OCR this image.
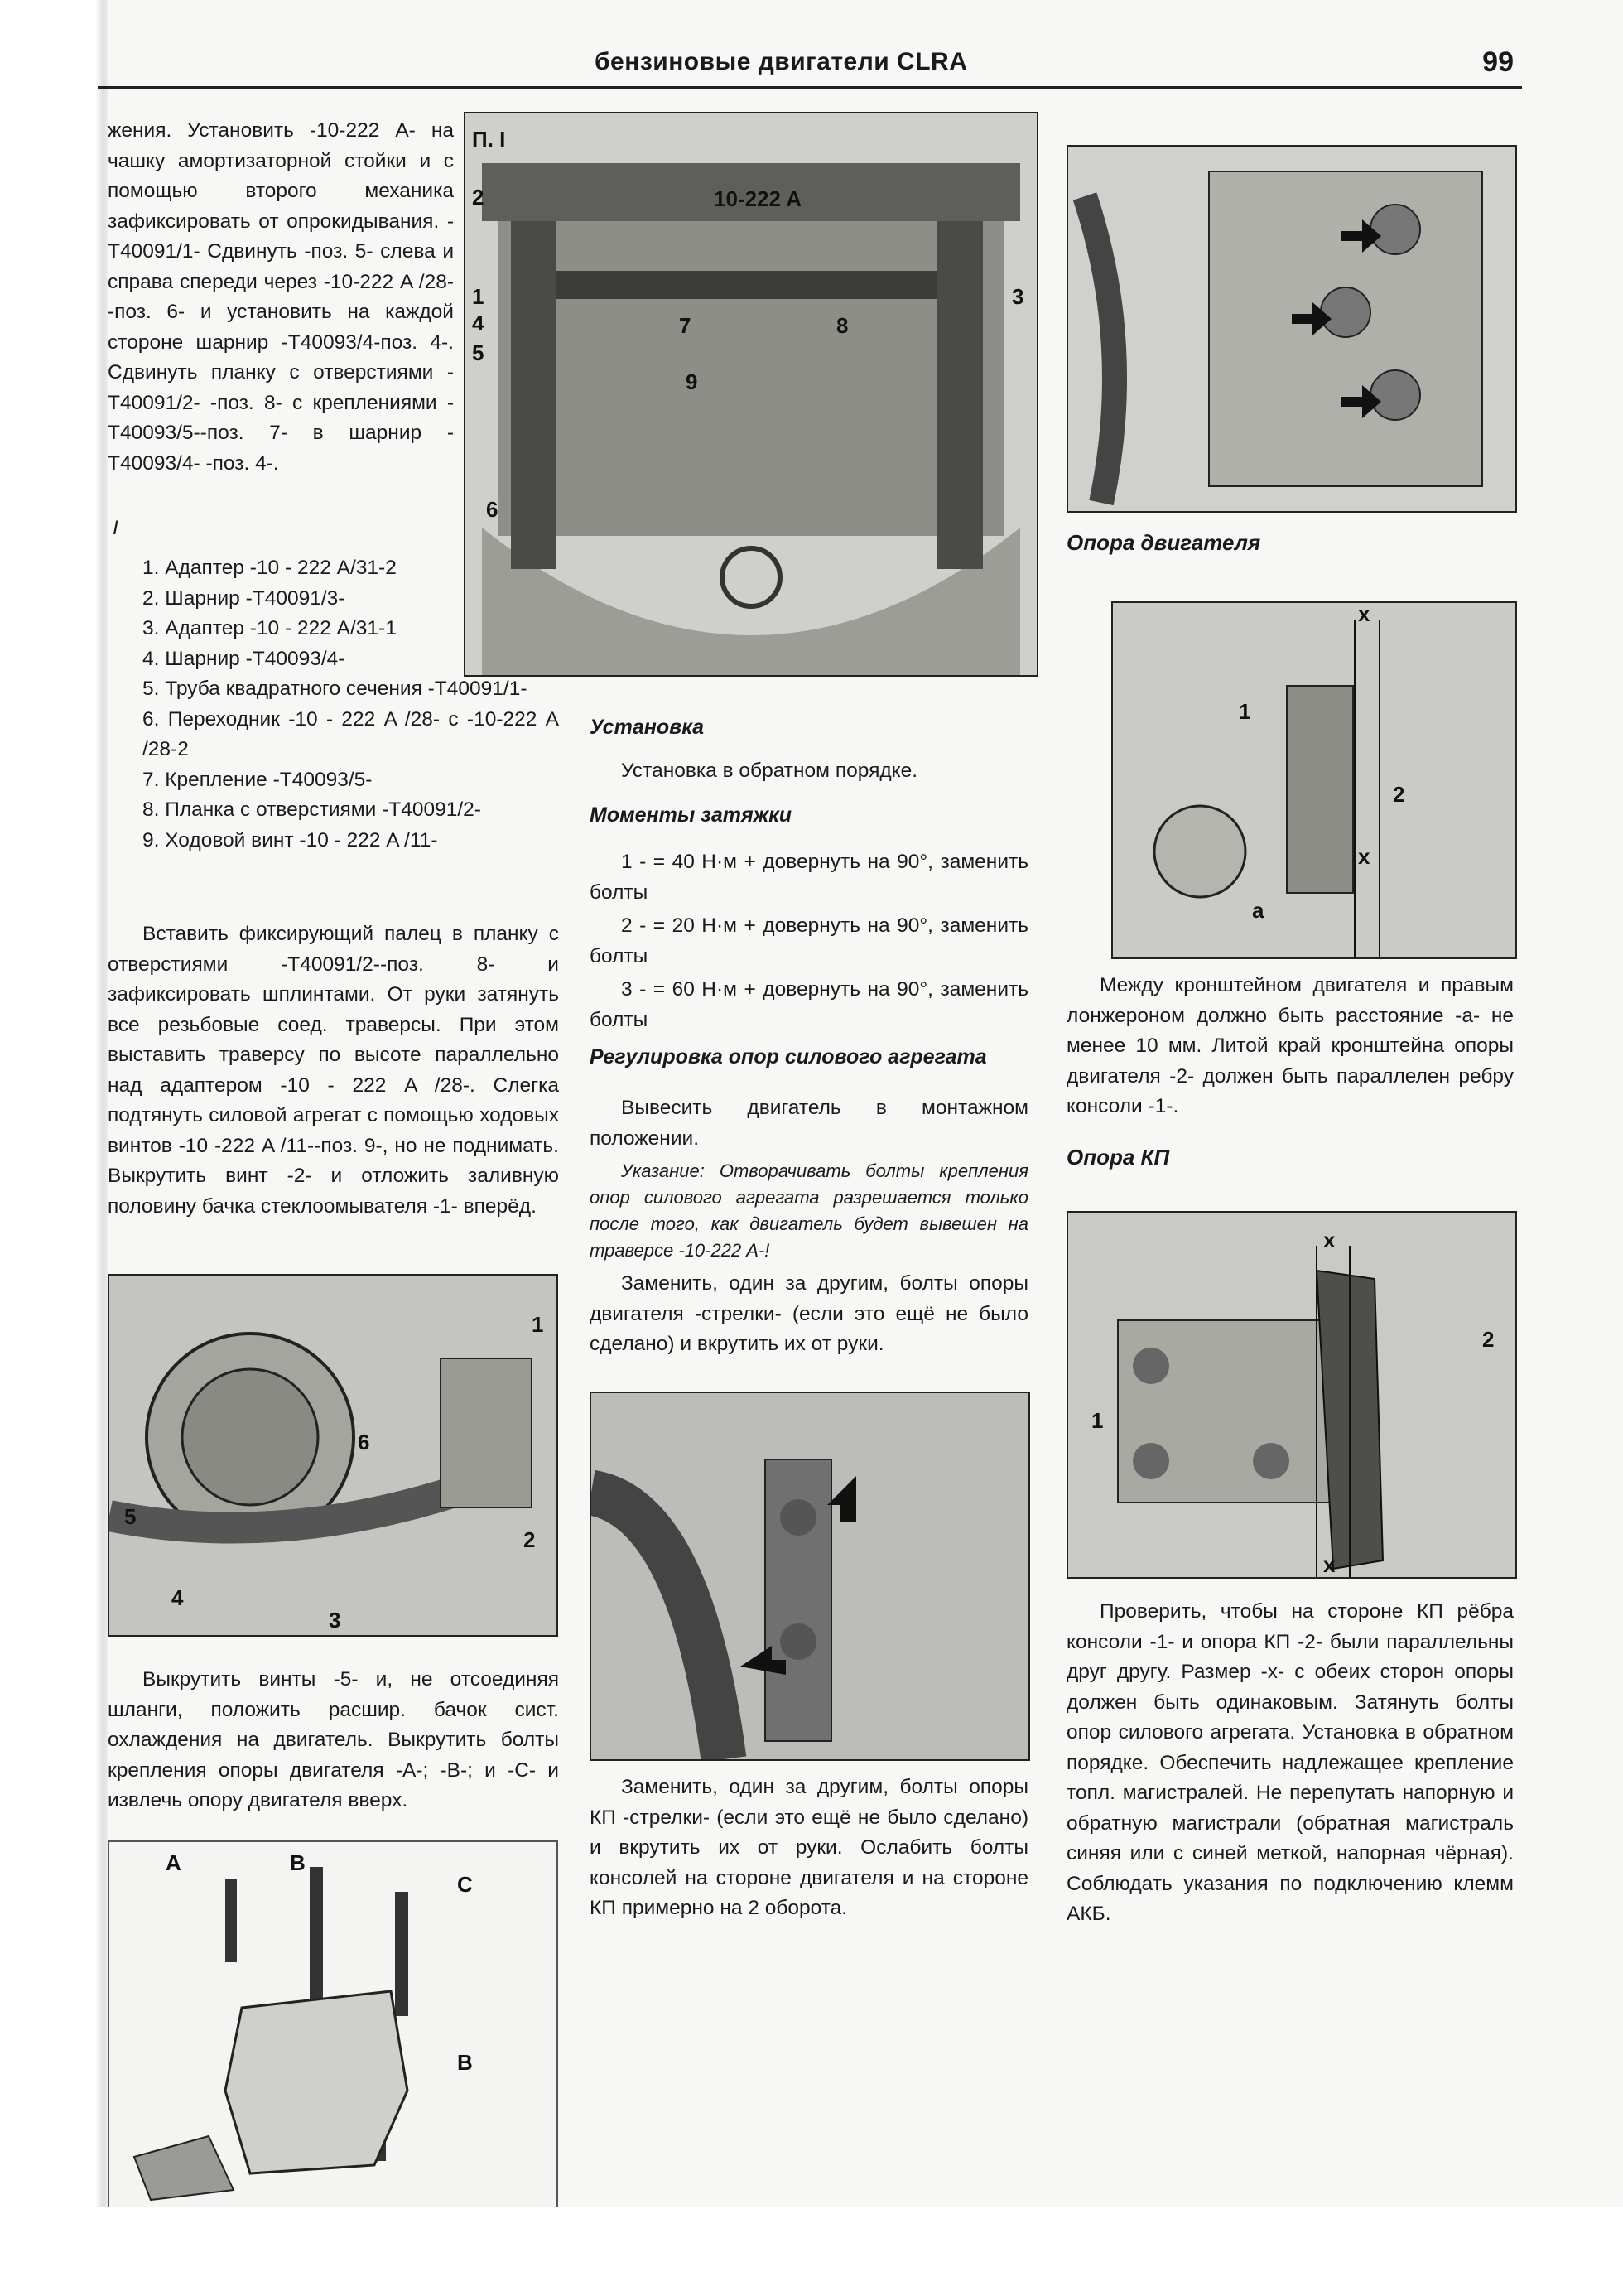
бензиновые двигатели CLRA	99
жения. Установить -10-222 A- на чашку амортизаторной стойки и с помощью второго механика зафиксировать от опрокидывания. -T40091/1- Сдвинуть -поз. 5- слева и справа спереди через -10-222 A /28--поз. 6- и установить на каждой стороне шарнир -T40093/4-поз. 4-. Сдвинуть планку с отверстиями -T40091/2- -поз. 8- с креплениями -T40093/5--поз. 7- в шарнир -T40093/4- -поз. 4-.
I
1. Адаптер -10 - 222 A/31-2
2. Шарнир -T40091/3-
3. Адаптер -10 - 222 A/31-1
4. Шарнир -T40093/4-
5. Труба квадратного сечения -T40091/1-
6. Переходник -10 - 222 A /28- с -10-222 A /28-2
7. Крепление -T40093/5-
8. Планка с отверстиями -T40091/2-
9. Ходовой винт -10 - 222 A /11-
Вставить фиксирующий палец в планку с отверстиями -T40091/2--поз. 8- и зафиксировать шплинтами. От руки затянуть все резьбовые соед. траверсы. При этом выставить траверсу по высоте параллельно над адаптером -10 - 222 A /28-. Слегка подтянуть силовой агрегат с помощью ходовых винтов -10 -222 A /11--поз. 9-, но не поднимать. Выкрутить винт -2- и отложить заливную половину бачка стеклоомывателя -1- вперёд.
Выкрутить винты -5- и, не отсоединяя шланги, положить расшир. бачок сист. охлаждения на двигатель. Выкрутить болты крепления опоры двигателя -A-; -B-; и -C- и извлечь опору двигателя вверх.
П. I
10-222 A
1
2
3
4
5
6
7	8
9
1
2
3
4
5
6
A	B
C
B
Установка
Установка в обратном порядке.
Моменты затяжки
1 - = 40 Н·м + довернуть на 90°, заменить болты
2 - = 20 Н·м + довернуть на 90°, заменить болты
3 - = 60 Н·м + довернуть на 90°, заменить болты
Регулировка опор силового агрегата
Вывесить двигатель в монтажном положении.
Указание: Отворачивать болты крепления опор силового агрегата разрешается только после того, как двигатель будет вывешен на траверсе -10-222 A-!
Заменить, один за другим, болты опоры двигателя -стрелки- (если это ещё не было сделано) и вкрутить их от руки.
Заменить, один за другим, болты опоры КП -стрелки- (если это ещё не было сделано) и вкрутить их от руки. Ослабить болты консолей на стороне двигателя и на стороне КП примерно на 2 оборота.
Опора двигателя
1
2
x
x
a
Между кронштейном двигателя и правым лонжероном должно быть расстояние -a- не менее 10 мм. Литой край кронштейна опоры двигателя -2- должен быть параллелен ребру консоли -1-.
Опора КП
x
x
1
2
Проверить, чтобы на стороне КП рёбра консоли -1- и опора КП -2- были параллельны друг другу. Размер -x- с обеих сторон опоры должен быть одинаковым. Затянуть болты опор силового агрегата. Установка в обратном порядке. Обеспечить надлежащее крепление топл. магистралей. Не перепутать напорную и обратную магистрали (обратная магистраль синяя или с синей меткой, напорная чёрная). Соблюдать указания по подключению клемм АКБ.
